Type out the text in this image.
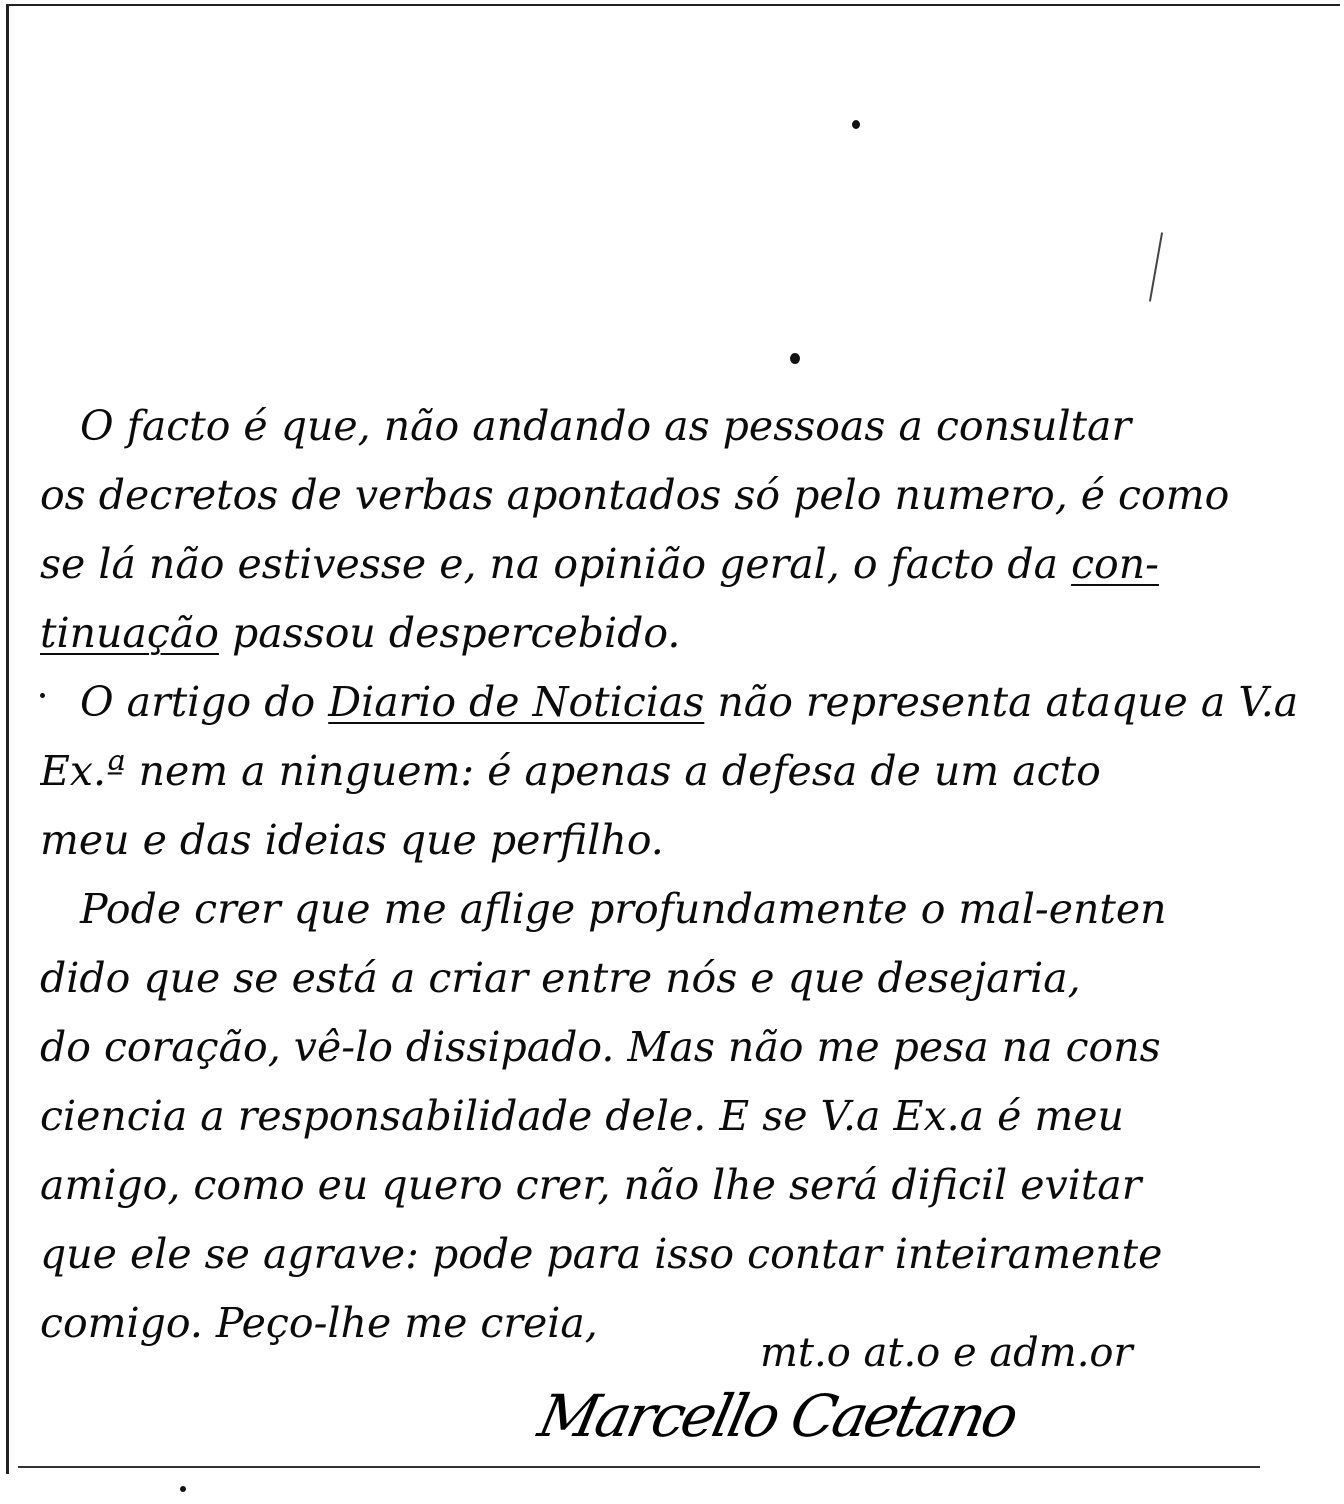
O facto é que, não andando as pessoas a consultar
os decretos de verbas apontados só pelo numero, é como
se lá não estivesse e, na opinião geral, o facto da con-
tinuação passou despercebido.
O artigo do Diario de Noticias não representa ataque a V.a
Ex.ª nem a ninguem: é apenas a defesa de um acto
meu e das ideias que perfilho.
Pode crer que me aflige profundamente o mal-enten
dido que se está a criar entre nós e que desejaria,
do coração, vê-lo dissipado. Mas não me pesa na cons
ciencia a responsabilidade dele. E se V.a Ex.a é meu
amigo, como eu quero crer, não lhe será dificil evitar
que ele se agrave: pode para isso contar inteiramente
comigo. Peço-lhe me creia,
mt.o at.o e adm.or
Marcello Caetano
